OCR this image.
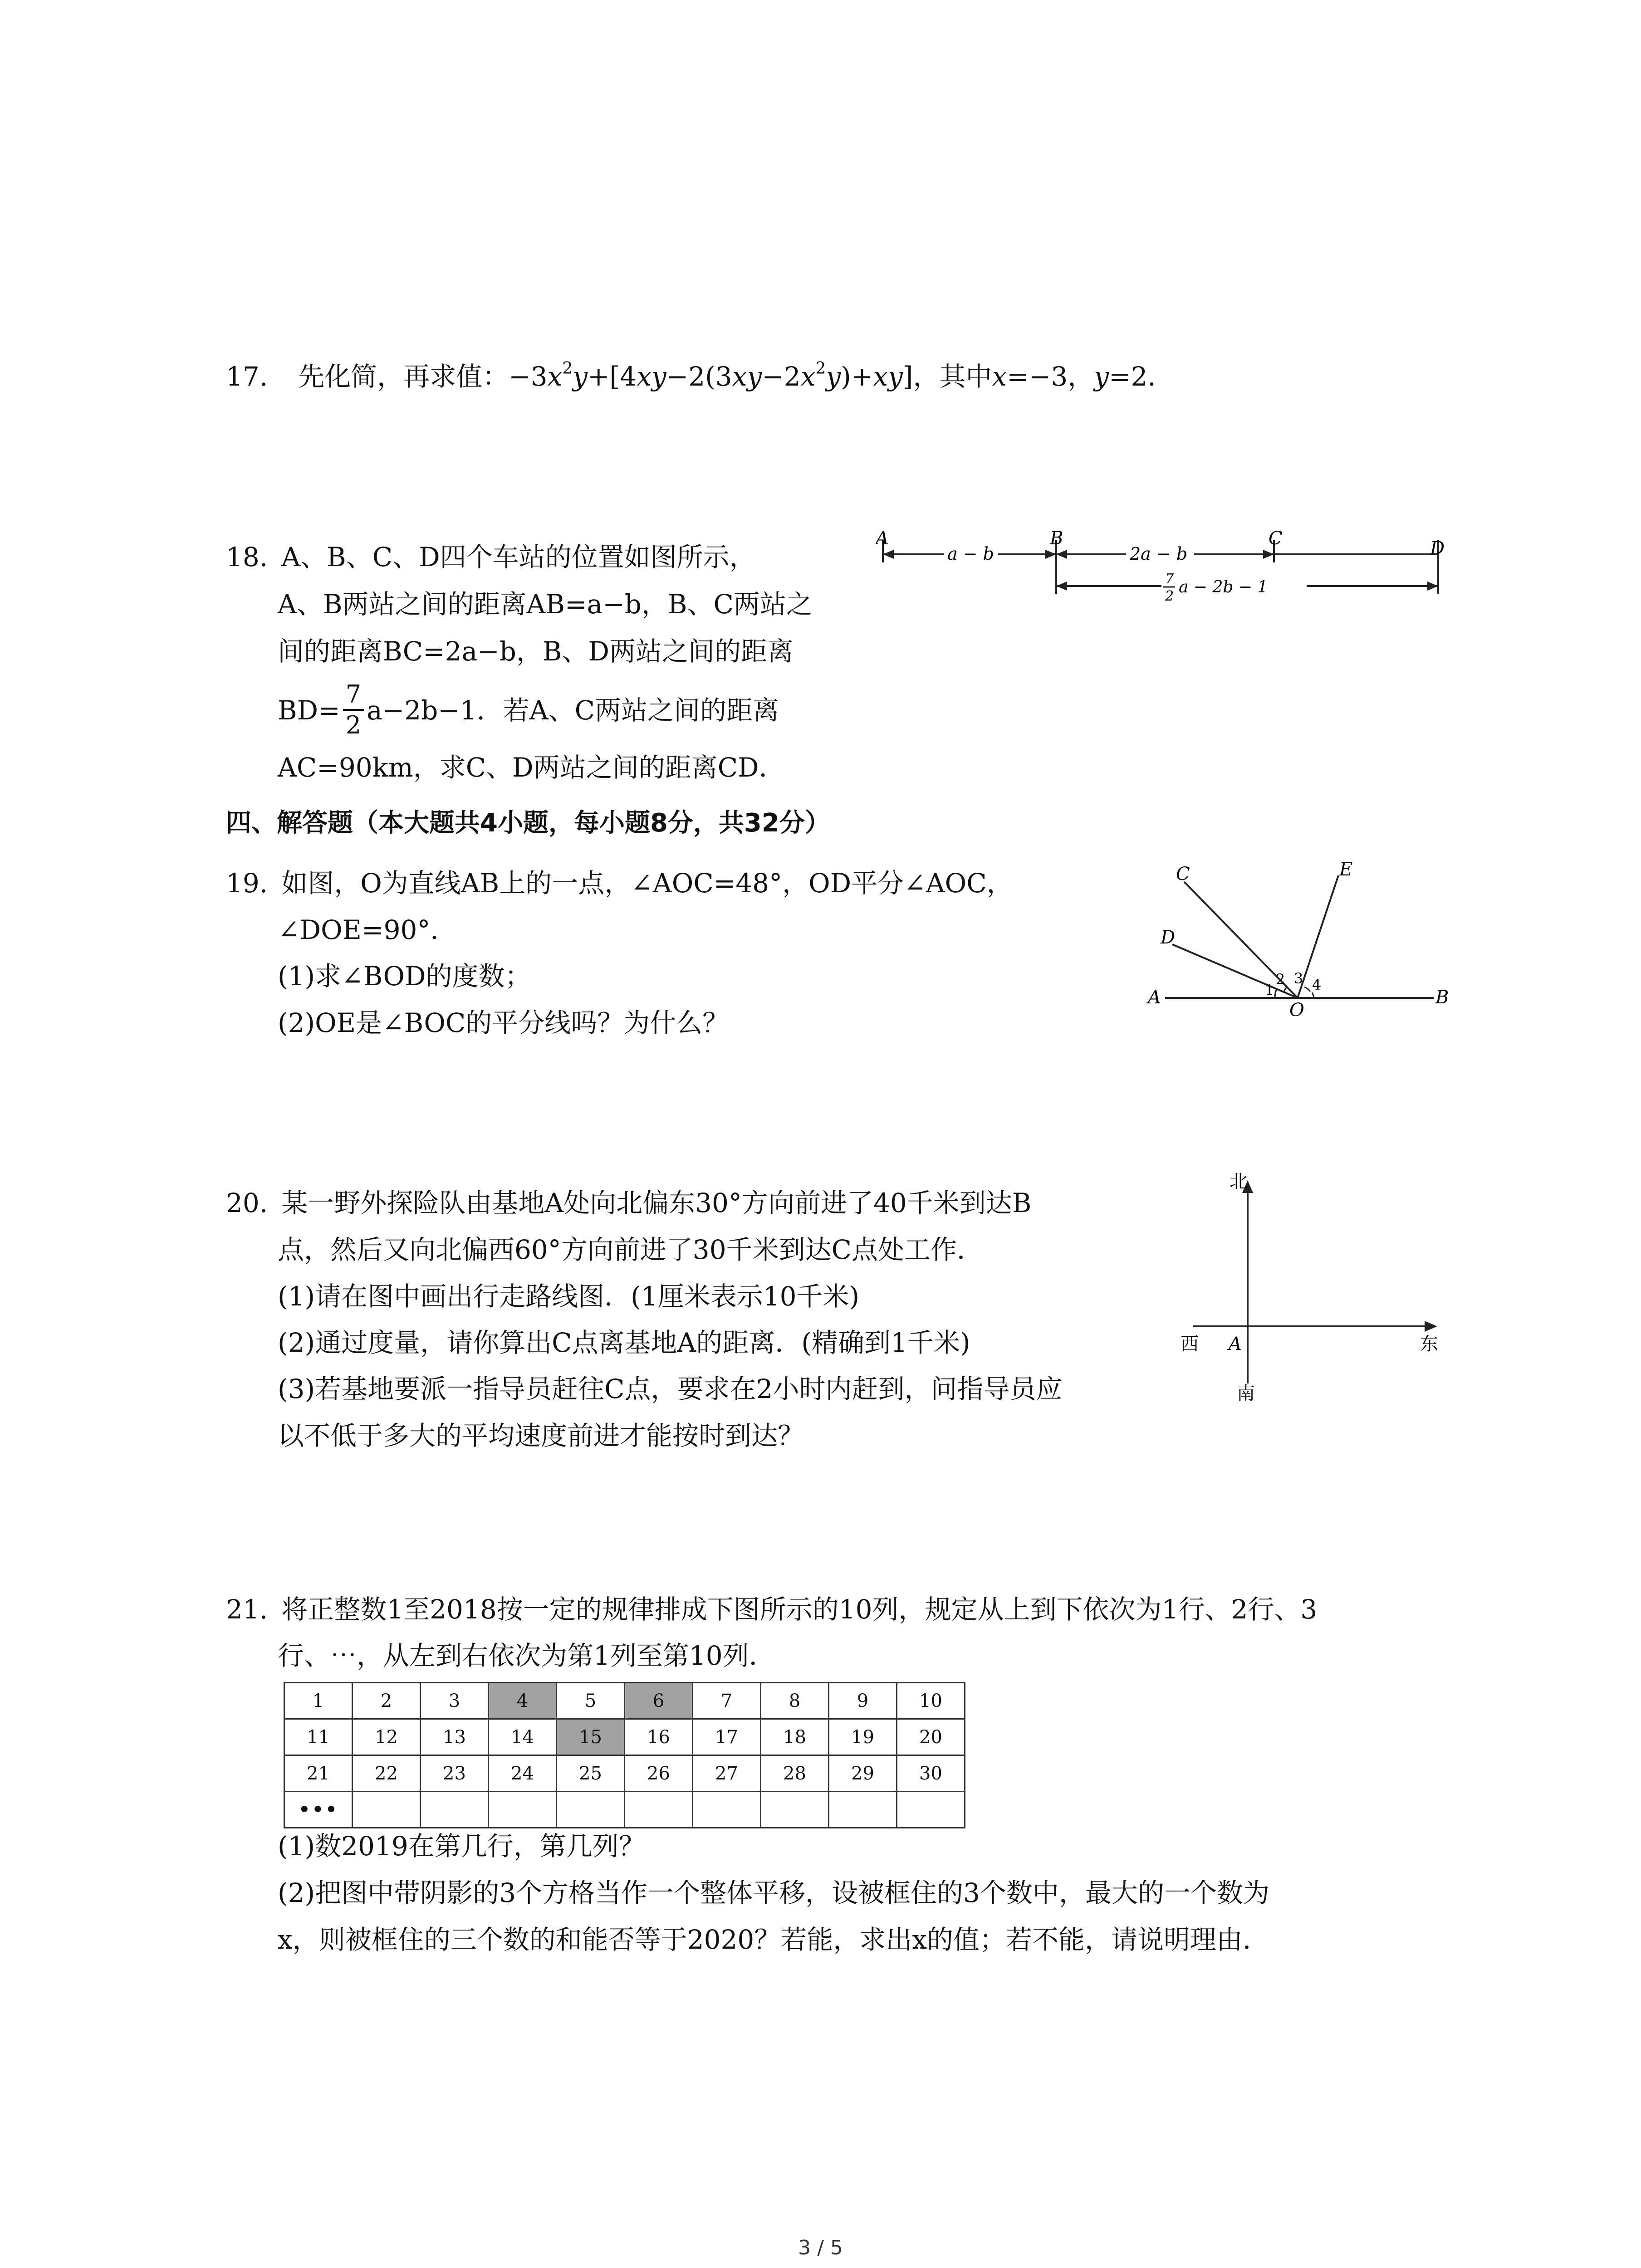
17. 先化简，再求值：$-3x^2y+[4xy-2(3xy-2x^2y)+xy]$，其中x=−3，y=2．
18. A、B、C、D四个车站的位置如图所示，
A、B两站之间的距离AB=a−b，B、C两站之
间的距离BC=2a−b，B、D两站之间的距离
$BD= \frac{7}{2} a-2b-1$．若A、C两站之间的距离
AC=90km，求C、D两站之间的距离CD．
A	B	C	D
a − b	2a − b
7
2 a − 2b − 1
四、解答题（本大题共4小题，每小题8分，共32分）
19. 如图，O为直线AB上的一点，∠AOC=48°，OD平分∠AOC，
∠DOE=90°．
(1)求∠BOD的度数；
(2)OE是∠BOC的平分线吗？为什么？
C
D
E
A	B
O
1
2 3 4
20. 某一野外探险队由基地A处向北偏东30°方向前进了40千米到达B
点，然后又向北偏西60°方向前进了30千米到达C点处工作．
(1)请在图中画出行走路线图．(1厘米表示10千米)
(2)通过度量，请你算出C点离基地A的距离．(精确到1千米)
(3)若基地要派一指导员赶往C点，要求在2小时内赶到，问指导员应
以不低于多大的平均速度前进才能按时到达？
北
南
东
西 A
21. 将正整数1至2018按一定的规律排成下图所示的10列，规定从上到下依次为1行、2行、3
行、⋯，从左到右依次为第1列至第10列．
1	2	3	4	5	6	7	8	9	10
11	12	13	14	15	16	17	18	19	20
21	22	23	24	25	26	27	28	29	30
•••									
(1)数2019在第几行，第几列？
(2)把图中带阴影的3个方格当作一个整体平移，设被框住的3个数中，最大的一个数为
x，则被框住的三个数的和能否等于2020？若能，求出x的值；若不能，请说明理由．
3 / 5
